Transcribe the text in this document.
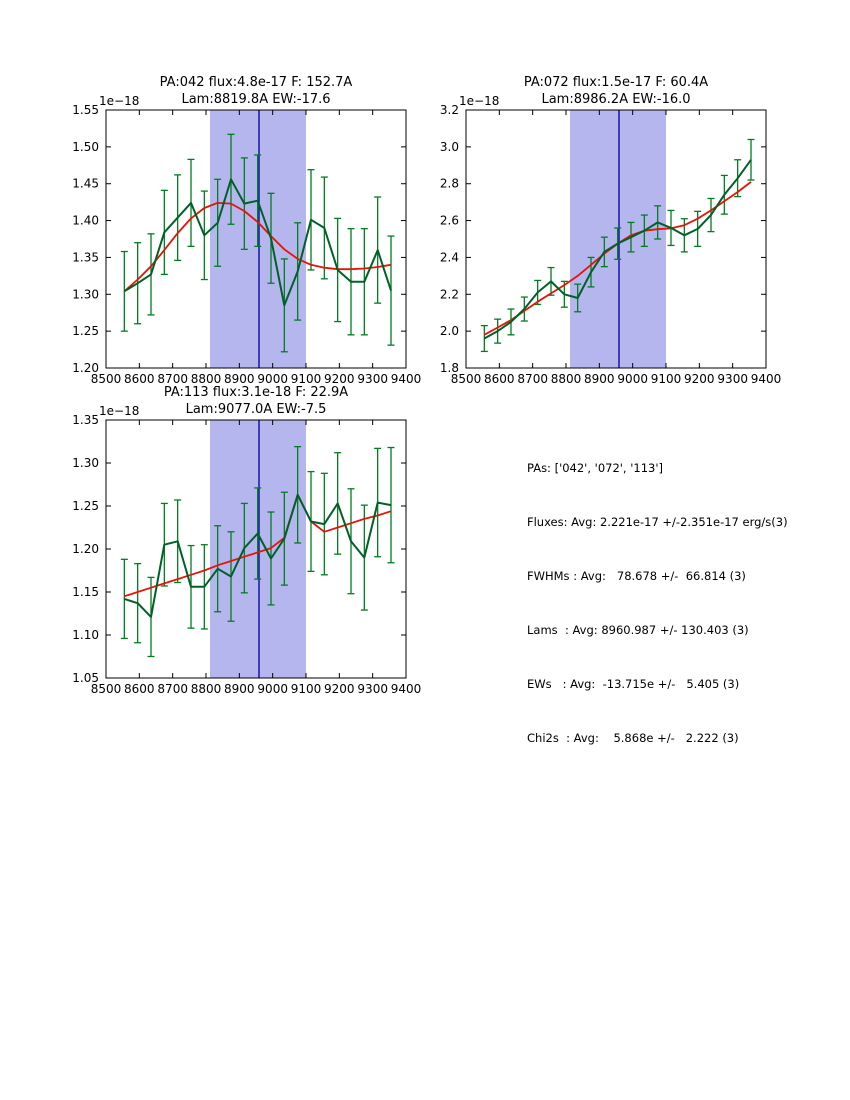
8500 8600 8700 8800 8900 9000 9100 9200 9300 9400
1.20
1.25
1.30
1.35
1.40
1.45
1.50
1.55
1e−18
8500 8600 8700 8800 8900 9000 9100 9200 9300 9400
1.8
2.0
2.2
2.4
2.6
2.8
3.0
3.2
1e−18
8500 8600 8700 8800 8900 9000 9100 9200 9300 9400
1.05
1.10
1.15
1.20
1.25
1.30
1.35
1e−18
PA:042 flux:4.8e-17 F: 152.7A
Lam:8819.8A EW:-17.6
PA:072 flux:1.5e-17 F: 60.4A
Lam:8986.2A EW:-16.0
PA:113 flux:3.1e-18 F: 22.9A
Lam:9077.0A EW:-7.5

PAs: ['042', '072', '113']

Fluxes: Avg: 2.221e-17 +/-2.351e-17 erg/s(3)

FWHMs : Avg:   78.678 +/-  66.814 (3)

Lams  : Avg: 8960.987 +/- 130.403 (3)

EWs   : Avg:  -13.715e +/-   5.405 (3)

Chi2s  : Avg:    5.868e +/-   2.222 (3)
